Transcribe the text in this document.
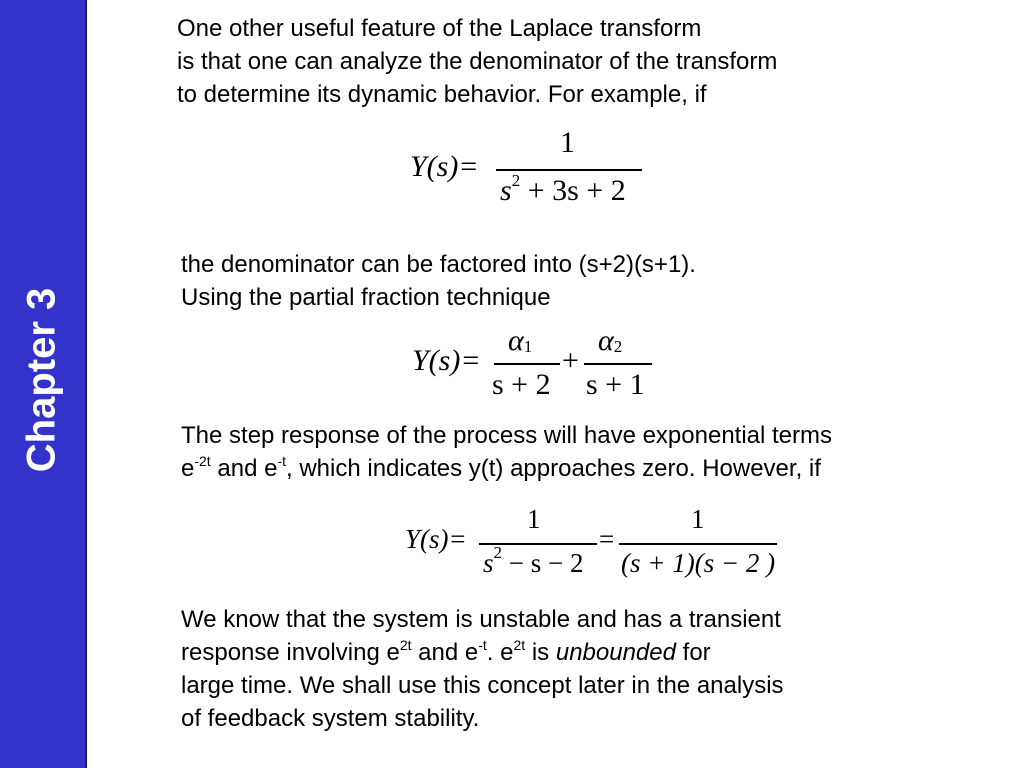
Chapter 3
One other useful feature of the Laplace transform
is that one can analyze the denominator of the transform
to determine its dynamic behavior. For example, if
Y(s)=
1
$s^2 + 3s + 2$
the denominator can be factored into (s+2)(s+1).
Using the partial fraction technique
Y(s)=
$\alpha_1$
s + 2
+
$\alpha_2$
s + 1
The step response of the process will have exponential terms
$e^{-2t}$ and $e^{-t}$, which indicates y(t) approaches zero. However, if
Y(s)=
1
$s^2 - s - 2$
=
1
(s + 1)(s − 2 )
We know that the system is unstable and has a transient
response involving $e^{2t}$ and $e^{-t}$. $e^{2t}$ is unbounded for
large time. We shall use this concept later in the analysis
of feedback system stability.
